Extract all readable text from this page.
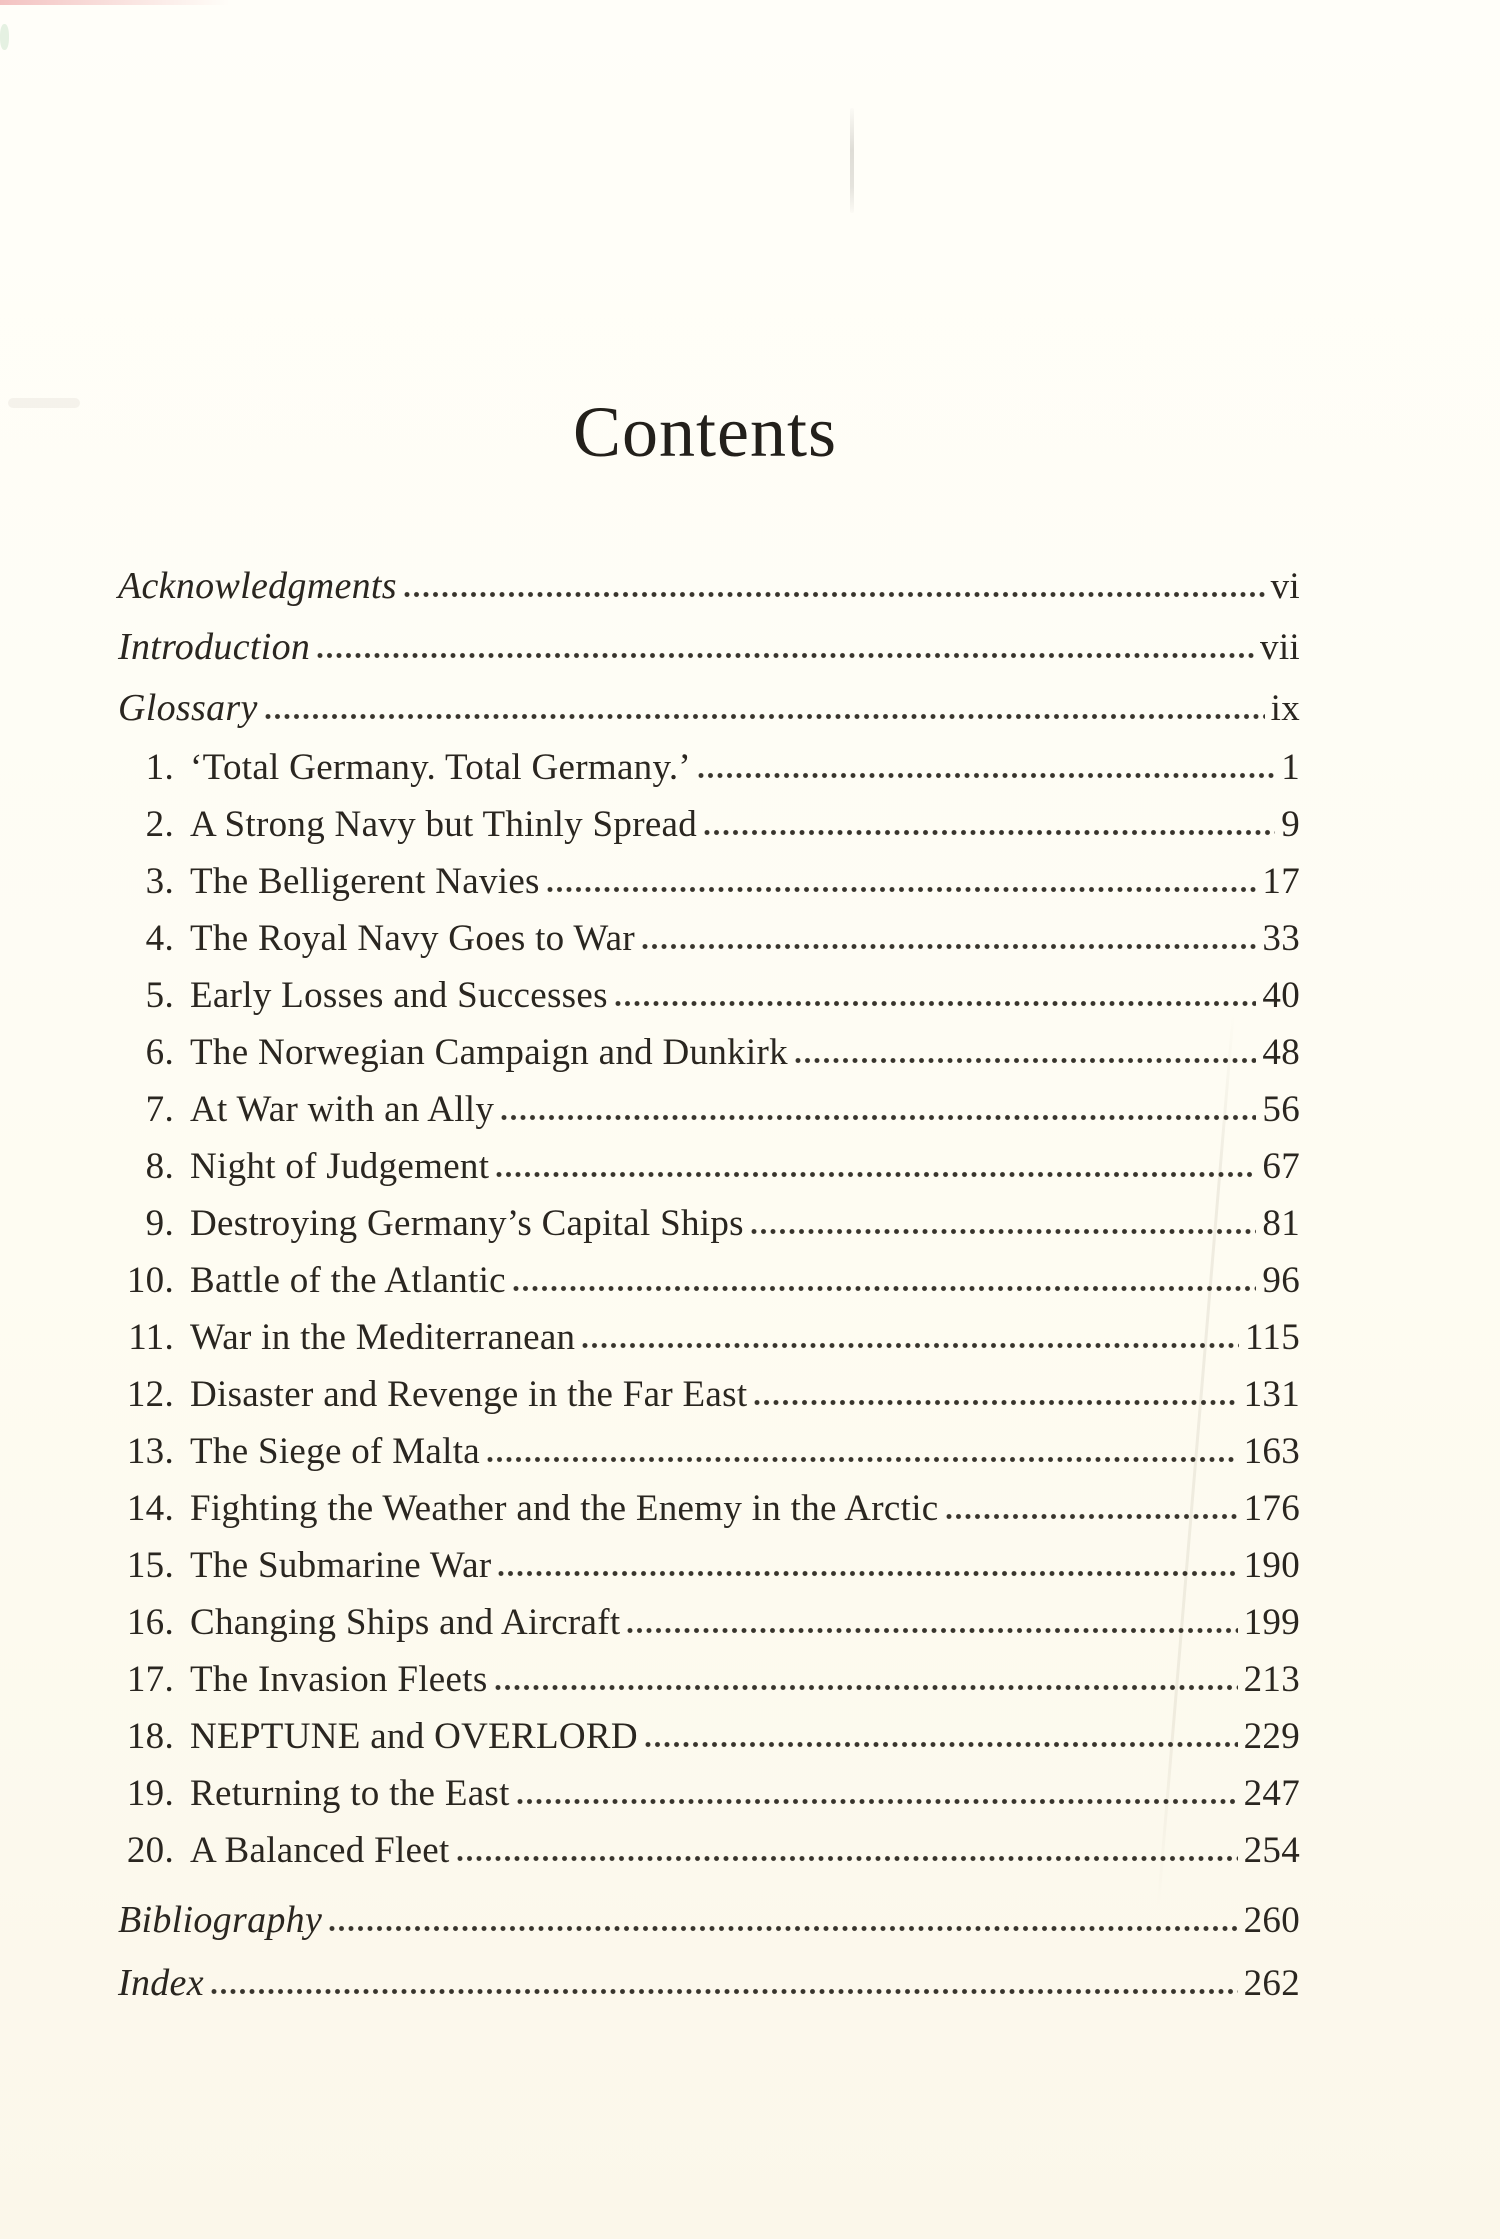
Contents
Acknowledgments	vi
Introduction	vii
Glossary	ix
1. ‘Total Germany. Total Germany.’	1
2. A Strong Navy but Thinly Spread	9
3. The Belligerent Navies	17
4. The Royal Navy Goes to War	33
5. Early Losses and Successes	40
6. The Norwegian Campaign and Dunkirk	48
7. At War with an Ally	56
8. Night of Judgement	67
9. Destroying Germany’s Capital Ships	81
10. Battle of the Atlantic	96
11. War in the Mediterranean	115
12. Disaster and Revenge in the Far East	131
13. The Siege of Malta	163
14. Fighting the Weather and the Enemy in the Arctic	176
15. The Submarine War	190
16. Changing Ships and Aircraft	199
17. The Invasion Fleets	213
18. NEPTUNE and OVERLORD	229
19. Returning to the East	247
20. A Balanced Fleet	254
Bibliography	260
Index	262
